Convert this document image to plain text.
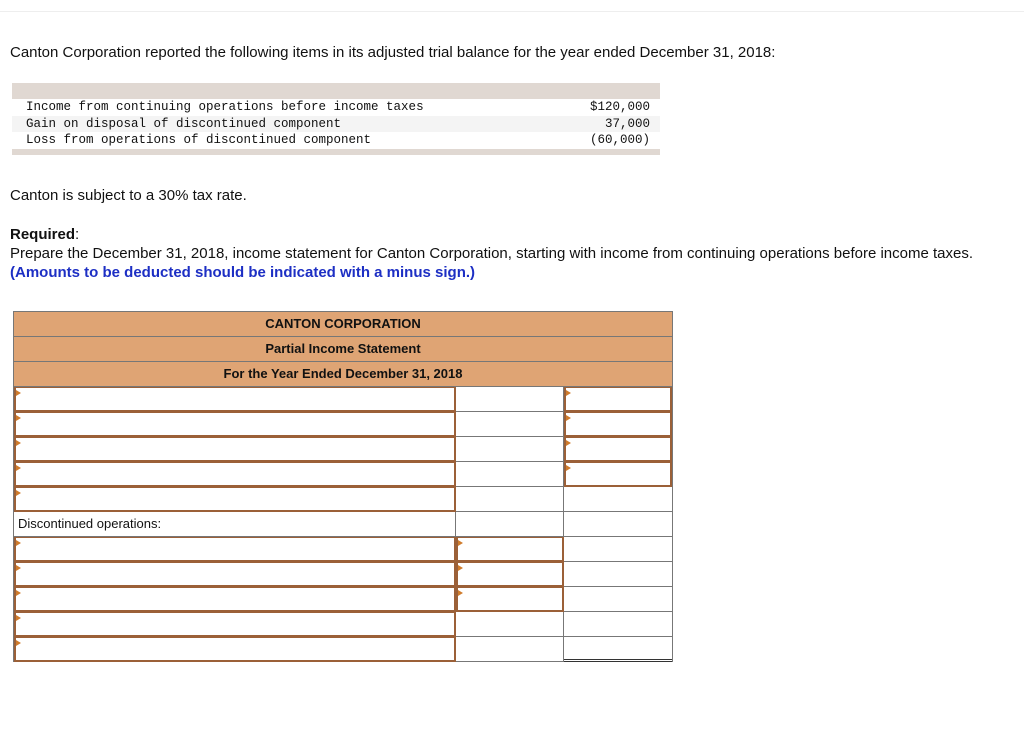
Canton Corporation reported the following items in its adjusted trial balance for the year ended December 31, 2018:
Income from continuing operations before income taxes	$120,000
Gain on disposal of discontinued component	37,000
Loss from operations of discontinued component	(60,000)
Canton is subject to a 30% tax rate.
Required:
Prepare the December 31, 2018, income statement for Canton Corporation, starting with income from continuing operations before income taxes. (Amounts to be deducted should be indicated with a minus sign.)
CANTON CORPORATION
Partial Income Statement
For the Year Ended December 31, 2018
Discontinued operations:
